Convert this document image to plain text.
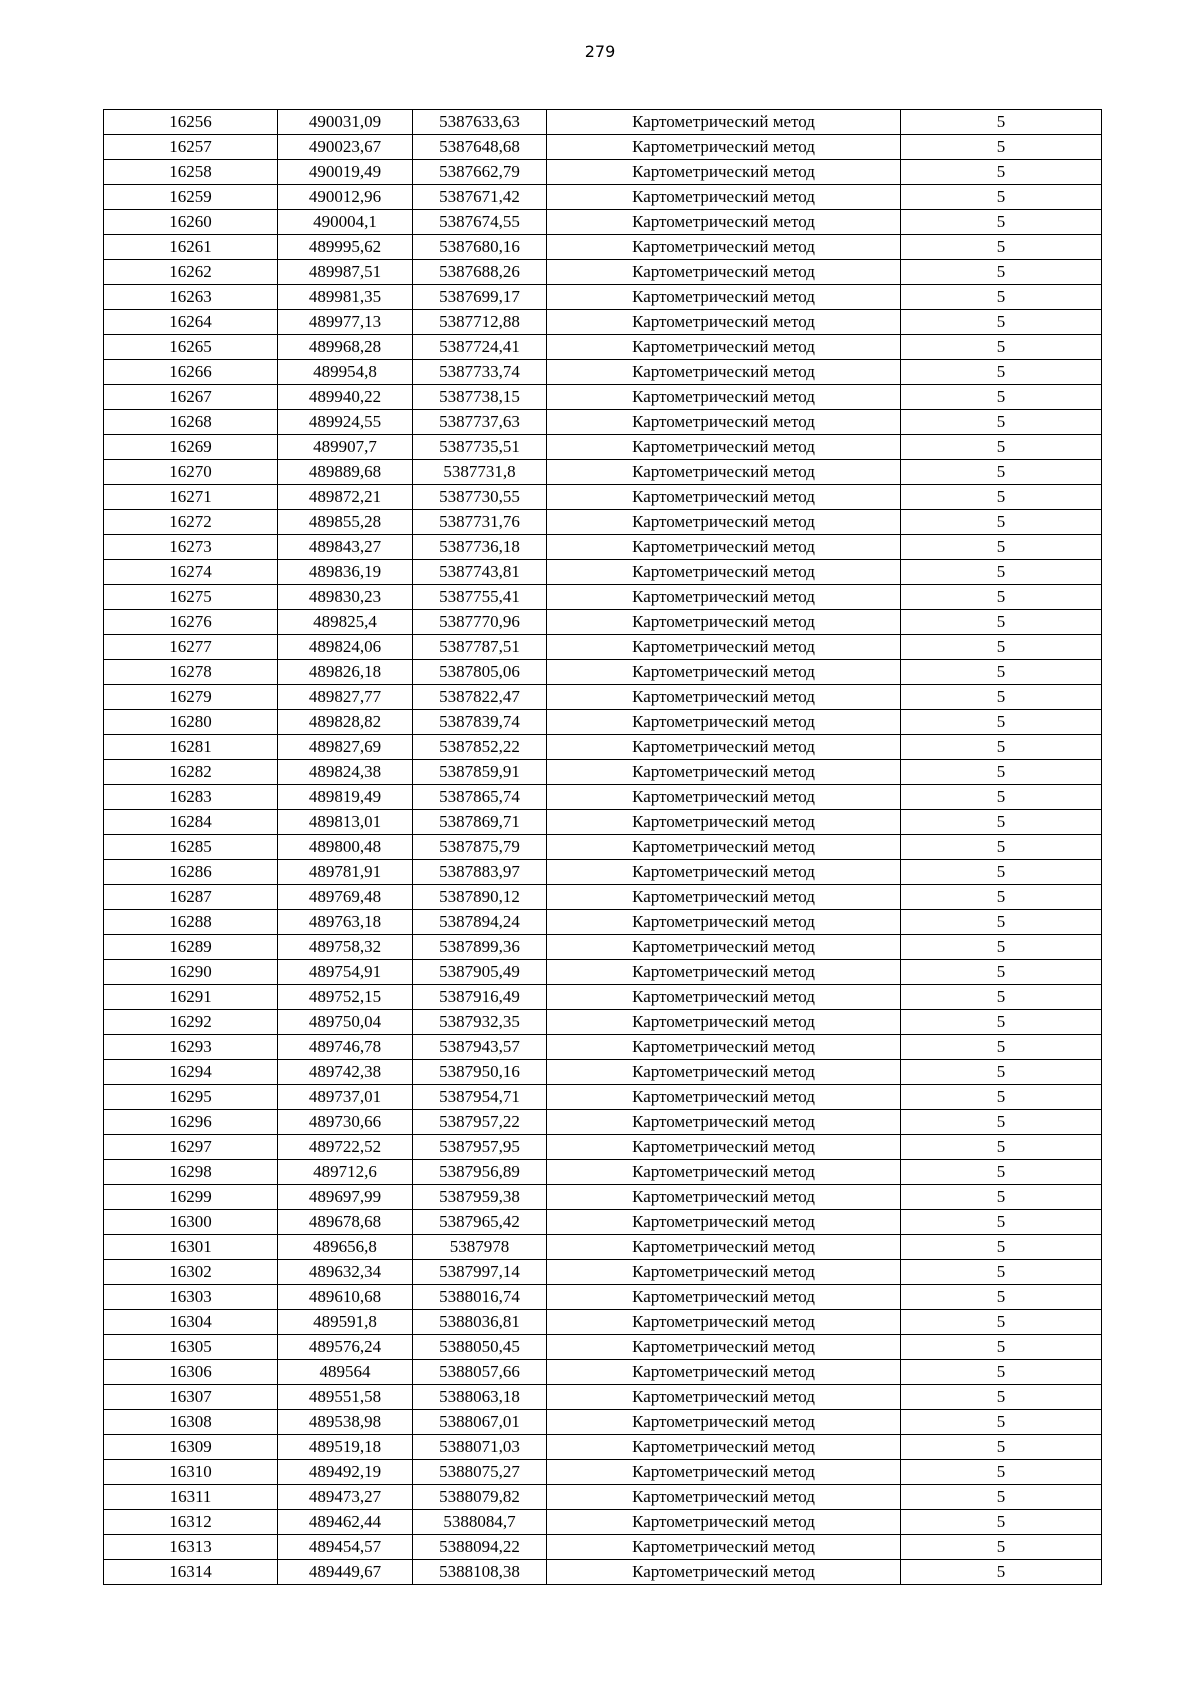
279
16256	490031,09	5387633,63	Картометрический метод	5
16257	490023,67	5387648,68	Картометрический метод	5
16258	490019,49	5387662,79	Картометрический метод	5
16259	490012,96	5387671,42	Картометрический метод	5
16260	490004,1	5387674,55	Картометрический метод	5
16261	489995,62	5387680,16	Картометрический метод	5
16262	489987,51	5387688,26	Картометрический метод	5
16263	489981,35	5387699,17	Картометрический метод	5
16264	489977,13	5387712,88	Картометрический метод	5
16265	489968,28	5387724,41	Картометрический метод	5
16266	489954,8	5387733,74	Картометрический метод	5
16267	489940,22	5387738,15	Картометрический метод	5
16268	489924,55	5387737,63	Картометрический метод	5
16269	489907,7	5387735,51	Картометрический метод	5
16270	489889,68	5387731,8	Картометрический метод	5
16271	489872,21	5387730,55	Картометрический метод	5
16272	489855,28	5387731,76	Картометрический метод	5
16273	489843,27	5387736,18	Картометрический метод	5
16274	489836,19	5387743,81	Картометрический метод	5
16275	489830,23	5387755,41	Картометрический метод	5
16276	489825,4	5387770,96	Картометрический метод	5
16277	489824,06	5387787,51	Картометрический метод	5
16278	489826,18	5387805,06	Картометрический метод	5
16279	489827,77	5387822,47	Картометрический метод	5
16280	489828,82	5387839,74	Картометрический метод	5
16281	489827,69	5387852,22	Картометрический метод	5
16282	489824,38	5387859,91	Картометрический метод	5
16283	489819,49	5387865,74	Картометрический метод	5
16284	489813,01	5387869,71	Картометрический метод	5
16285	489800,48	5387875,79	Картометрический метод	5
16286	489781,91	5387883,97	Картометрический метод	5
16287	489769,48	5387890,12	Картометрический метод	5
16288	489763,18	5387894,24	Картометрический метод	5
16289	489758,32	5387899,36	Картометрический метод	5
16290	489754,91	5387905,49	Картометрический метод	5
16291	489752,15	5387916,49	Картометрический метод	5
16292	489750,04	5387932,35	Картометрический метод	5
16293	489746,78	5387943,57	Картометрический метод	5
16294	489742,38	5387950,16	Картометрический метод	5
16295	489737,01	5387954,71	Картометрический метод	5
16296	489730,66	5387957,22	Картометрический метод	5
16297	489722,52	5387957,95	Картометрический метод	5
16298	489712,6	5387956,89	Картометрический метод	5
16299	489697,99	5387959,38	Картометрический метод	5
16300	489678,68	5387965,42	Картометрический метод	5
16301	489656,8	5387978	Картометрический метод	5
16302	489632,34	5387997,14	Картометрический метод	5
16303	489610,68	5388016,74	Картометрический метод	5
16304	489591,8	5388036,81	Картометрический метод	5
16305	489576,24	5388050,45	Картометрический метод	5
16306	489564	5388057,66	Картометрический метод	5
16307	489551,58	5388063,18	Картометрический метод	5
16308	489538,98	5388067,01	Картометрический метод	5
16309	489519,18	5388071,03	Картометрический метод	5
16310	489492,19	5388075,27	Картометрический метод	5
16311	489473,27	5388079,82	Картометрический метод	5
16312	489462,44	5388084,7	Картометрический метод	5
16313	489454,57	5388094,22	Картометрический метод	5
16314	489449,67	5388108,38	Картометрический метод	5
